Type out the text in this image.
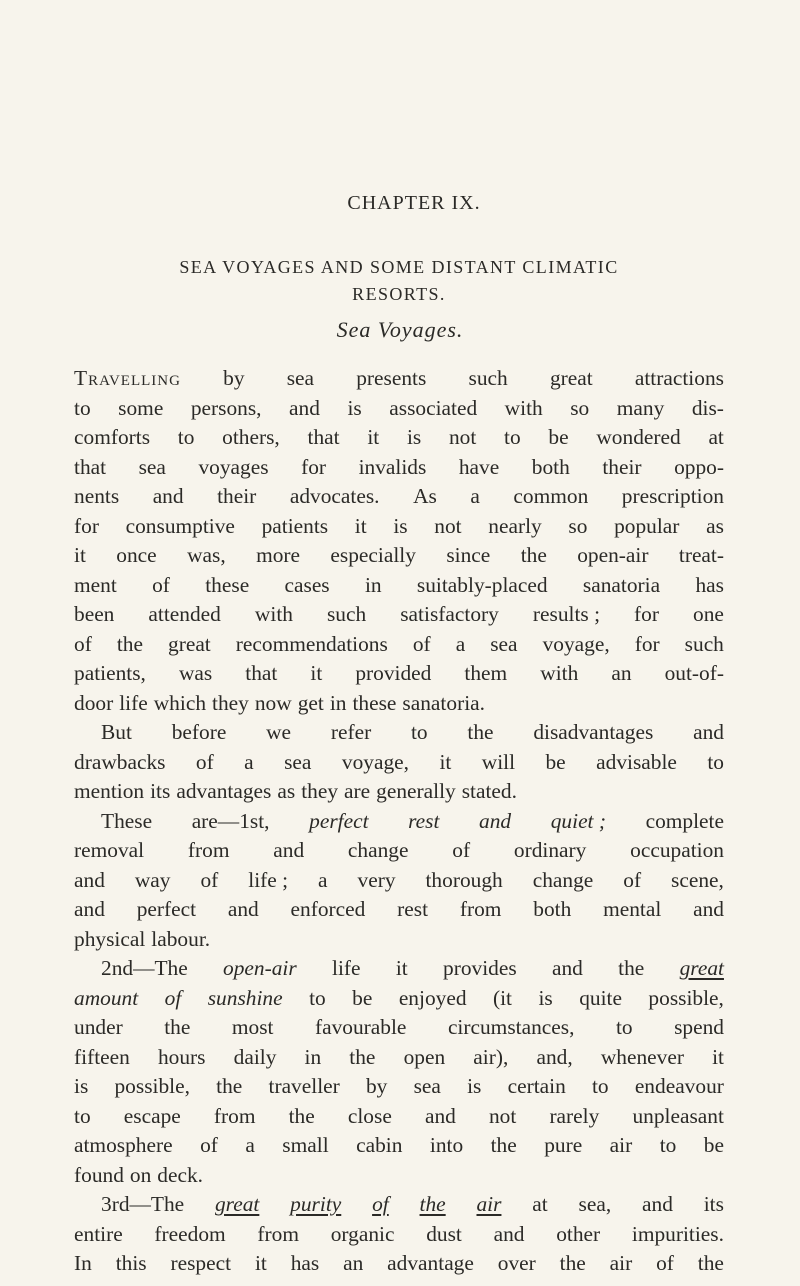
CHAPTER IX.
SEA VOYAGES AND SOME DISTANT CLIMATIC
RESORTS.
Sea Voyages.
Travelling by sea presents such great attractions
to some persons, and is associated with so many dis-
comforts to others, that it is not to be wondered at
that sea voyages for invalids have both their oppo-
nents and their advocates. As a common prescription
for consumptive patients it is not nearly so popular as
it once was, more especially since the open-air treat-
ment of these cases in suitably-placed sanatoria has
been attended with such satisfactory results ; for one
of the great recommendations of a sea voyage, for such
patients, was that it provided them with an out-of-
door life which they now get in these sanatoria.
But before we refer to the disadvantages and
drawbacks of a sea voyage, it will be advisable to
mention its advantages as they are generally stated.
These are—1st, perfect rest and quiet ; complete
removal from and change of ordinary occupation
and way of life ; a very thorough change of scene,
and perfect and enforced rest from both mental and
physical labour.
2nd—The open-air life it provides and the great
amount of sunshine to be enjoyed (it is quite possible,
under the most favourable circumstances, to spend
fifteen hours daily in the open air), and, whenever it
is possible, the traveller by sea is certain to endeavour
to escape from the close and not rarely unpleasant
atmosphere of a small cabin into the pure air to be
found on deck.
3rd—The great purity of the air at sea, and its
entire freedom from organic dust and other impurities.
In this respect it has an advantage over the air of the
